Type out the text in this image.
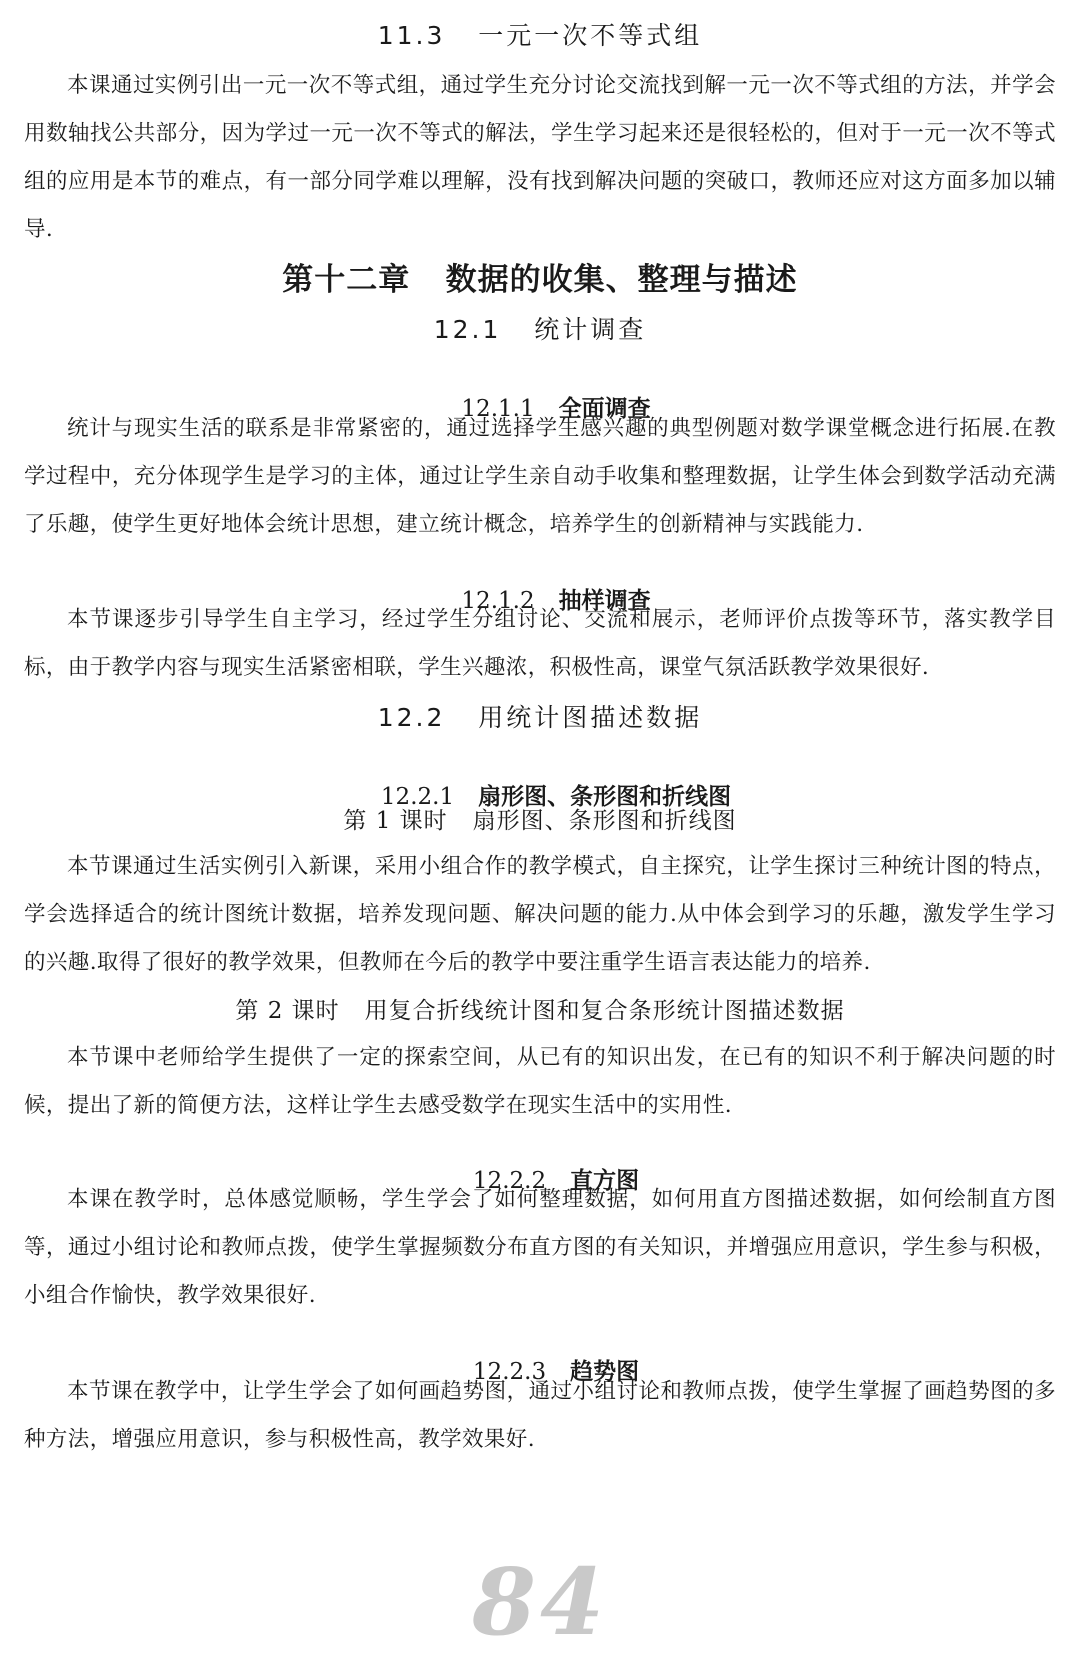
11.3   一元一次不等式组

本课通过实例引出一元一次不等式组，通过学生充分讨论交流找到解一元一次不等式组的方法，并学会用数轴找公共部分，因为学过一元一次不等式的解法，学生学习起来还是很轻松的，但对于一元一次不等式组的应用是本节的难点，有一部分同学难以理解，没有找到解决问题的突破口，教师还应对这方面多加以辅导.

第十二章   数据的收集、整理与描述
12.1   统计调查

12.1.1 全面调查

统计与现实生活的联系是非常紧密的，通过选择学生感兴趣的典型例题对数学课堂概念进行拓展.在教学过程中，充分体现学生是学习的主体，通过让学生亲自动手收集和整理数据，让学生体会到数学活动充满了乐趣，使学生更好地体会统计思想，建立统计概念，培养学生的创新精神与实践能力.

12.1.2 抽样调查

本节课逐步引导学生自主学习，经过学生分组讨论、交流和展示，老师评价点拨等环节，落实教学目标，由于教学内容与现实生活紧密相联，学生兴趣浓，积极性高，课堂气氛活跃教学效果很好.

12.2   用统计图描述数据

12.2.1 扇形图、条形图和折线图

第 1 课时   扇形图、条形图和折线图

本节课通过生活实例引入新课，采用小组合作的教学模式，自主探究，让学生探讨三种统计图的特点，学会选择适合的统计图统计数据，培养发现问题、解决问题的能力.从中体会到学习的乐趣，激发学生学习的兴趣.取得了很好的教学效果，但教师在今后的教学中要注重学生语言表达能力的培养.

第 2 课时   用复合折线统计图和复合条形统计图描述数据

本节课中老师给学生提供了一定的探索空间，从已有的知识出发，在已有的知识不利于解决问题的时候，提出了新的简便方法，这样让学生去感受数学在现实生活中的实用性.

12.2.2 直方图

本课在教学时，总体感觉顺畅，学生学会了如何整理数据，如何用直方图描述数据，如何绘制直方图等，通过小组讨论和教师点拨，使学生掌握频数分布直方图的有关知识，并增强应用意识，学生参与积极，小组合作愉快，教学效果很好.

12.2.3 趋势图

本节课在教学中，让学生学会了如何画趋势图，通过小组讨论和教师点拨，使学生掌握了画趋势图的多种方法，增强应用意识，参与积极性高，教学效果好.

84
